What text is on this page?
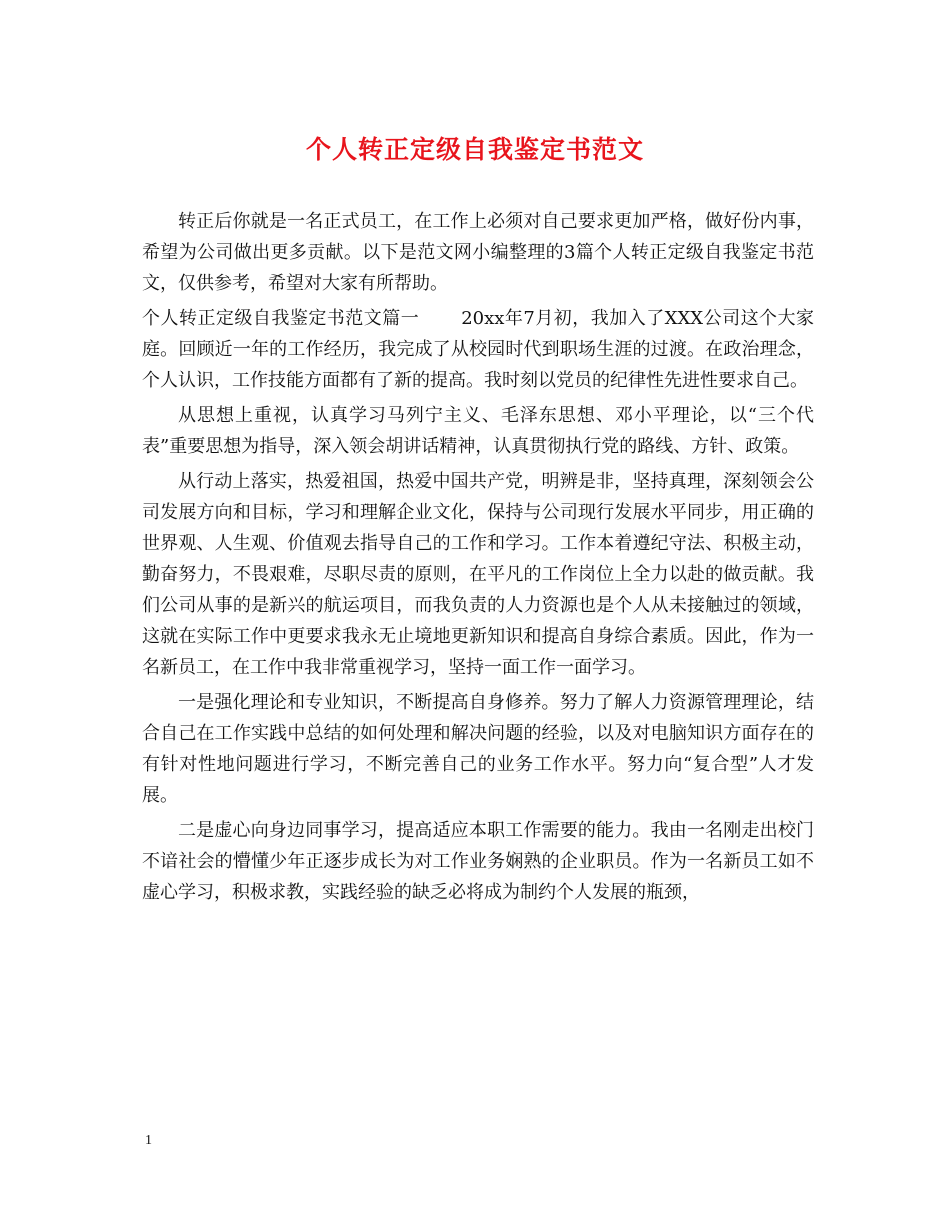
个人转正定级自我鉴定书范文

转正后你就是一名正式员工，在工作上必须对自己要求更加严格，做好份内事，希望为公司做出更多贡献。以下是范文网小编整理的3篇个人转正定级自我鉴定书范文，仅供参考，希望对大家有所帮助。

个人转正定级自我鉴定书范文篇一 20xx年7月初，我加入了XXX公司这个大家庭。回顾近一年的工作经历，我完成了从校园时代到职场生涯的过渡。在政治理念，个人认识，工作技能方面都有了新的提高。我时刻以党员的纪律性先进性要求自己。

从思想上重视，认真学习马列宁主义、毛泽东思想、邓小平理论，以“三个代表”重要思想为指导，深入领会胡讲话精神，认真贯彻执行党的路线、方针、政策。

从行动上落实，热爱祖国，热爱中国共产党，明辨是非，坚持真理，深刻领会公司发展方向和目标，学习和理解企业文化，保持与公司现行发展水平同步，用正确的世界观、人生观、价值观去指导自己的工作和学习。工作本着遵纪守法、积极主动，勤奋努力，不畏艰难，尽职尽责的原则，在平凡的工作岗位上全力以赴的做贡献。我们公司从事的是新兴的航运项目，而我负责的人力资源也是个人从未接触过的领域，这就在实际工作中更要求我永无止境地更新知识和提高自身综合素质。因此，作为一名新员工，在工作中我非常重视学习，坚持一面工作一面学习。

一是强化理论和专业知识，不断提高自身修养。努力了解人力资源管理理论，结合自己在工作实践中总结的如何处理和解决问题的经验，以及对电脑知识方面存在的有针对性地问题进行学习，不断完善自己的业务工作水平。努力向“复合型”人才发展。

二是虚心向身边同事学习，提高适应本职工作需要的能力。我由一名刚走出校门不谙社会的懵懂少年正逐步成长为对工作业务娴熟的企业职员。作为一名新员工如不虚心学习，积极求教，实践经验的缺乏必将成为制约个人发展的瓶颈，

1
